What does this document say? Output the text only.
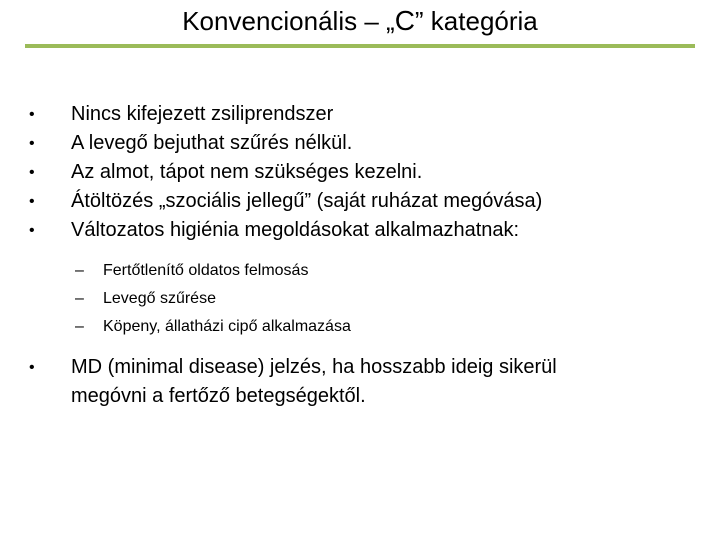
Konvencionális – „C” kategória
•	Nincs kifejezett zsiliprendszer
•	A levegő bejuthat szűrés nélkül.
•	Az almot, tápot nem szükséges kezelni.
•	Átöltözés „szociális jellegű” (saját ruházat megóvása)
•	Változatos higiénia megoldásokat alkalmazhatnak:
–	Fertőtlenítő oldatos felmosás
–	Levegő szűrése
–	Köpeny, állatházi cipő alkalmazása
•	MD (minimal disease) jelzés, ha hosszabb ideig sikerül
megóvni a fertőző betegségektől.
